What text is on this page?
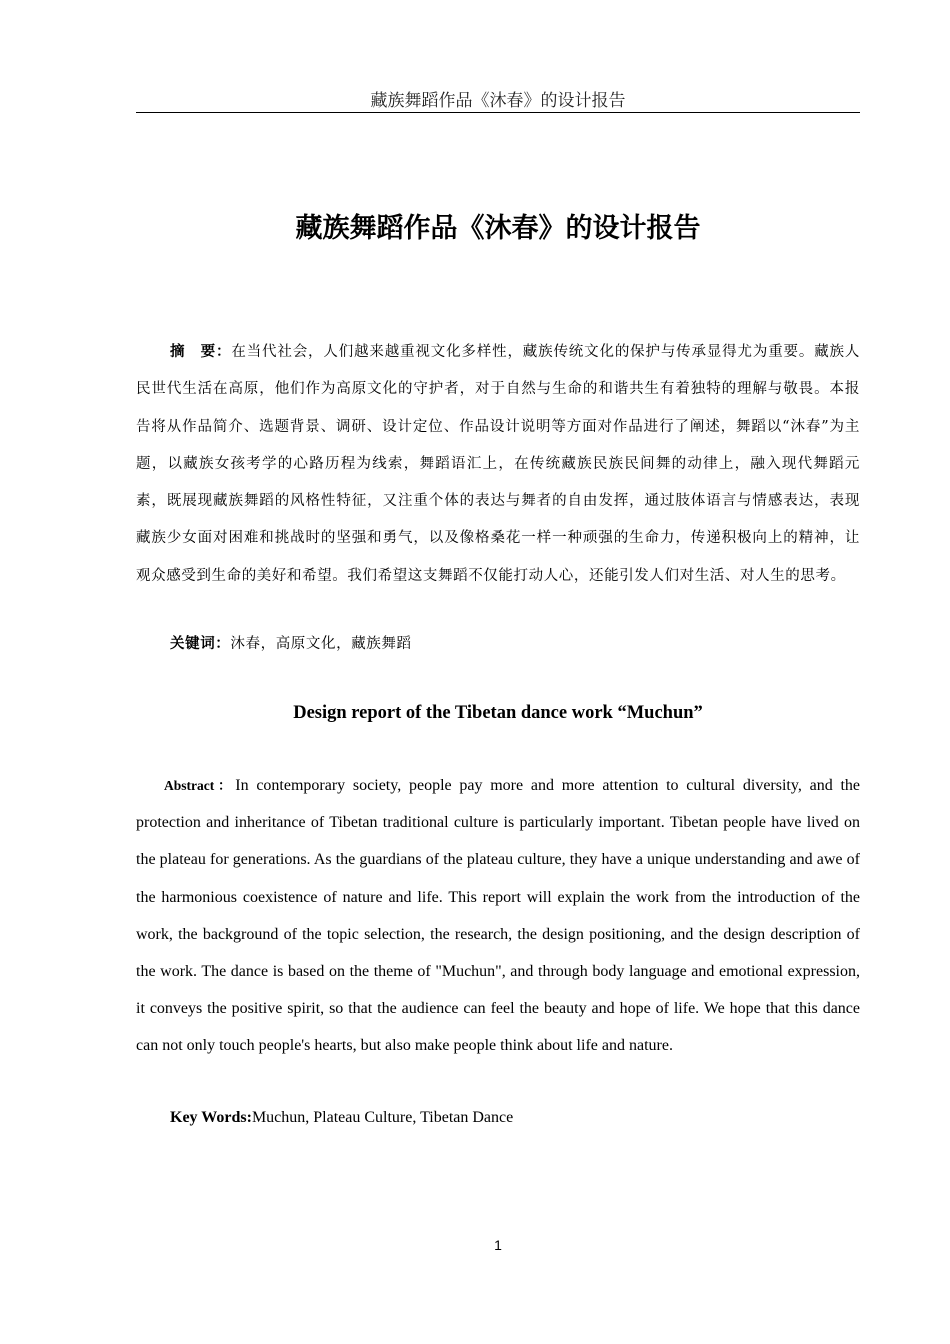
藏族舞蹈作品《沐春》的设计报告
藏族舞蹈作品《沐春》的设计报告
摘　要：在当代社会，人们越来越重视文化多样性，藏族传统文化的保护与传承显得尤为重要。藏族人民世代生活在高原，他们作为高原文化的守护者，对于自然与生命的和谐共生有着独特的理解与敬畏。本报告将从作品简介、选题背景、调研、设计定位、作品设计说明等方面对作品进行了阐述，舞蹈以“沐春”为主题，以藏族女孩考学的心路历程为线索，舞蹈语汇上，在传统藏族民族民间舞的动律上，融入现代舞蹈元素，既展现藏族舞蹈的风格性特征，又注重个体的表达与舞者的自由发挥，通过肢体语言与情感表达，表现藏族少女面对困难和挑战时的坚强和勇气，以及像格桑花一样一种顽强的生命力，传递积极向上的精神，让观众感受到生命的美好和希望。我们希望这支舞蹈不仅能打动人心，还能引发人们对生活、对人生的思考。
关键词：沐春，高原文化，藏族舞蹈
Design report of the Tibetan dance work “Muchun”
Abstract：In contemporary society, people pay more and more attention to cultural diversity, and the protection and inheritance of Tibetan traditional culture is particularly important. Tibetan people have lived on the plateau for generations. As the guardians of the plateau culture, they have a unique understanding and awe of the harmonious coexistence of nature and life. This report will explain the work from the introduction of the work, the background of the topic selection, the research, the design positioning, and the design description of the work. The dance is based on the theme of "Muchun", and through body language and emotional expression, it conveys the positive spirit, so that the audience can feel the beauty and hope of life. We hope that this dance can not only touch people's hearts, but also make people think about life and nature.
Key Words:Muchun, Plateau Culture, Tibetan Dance
1
